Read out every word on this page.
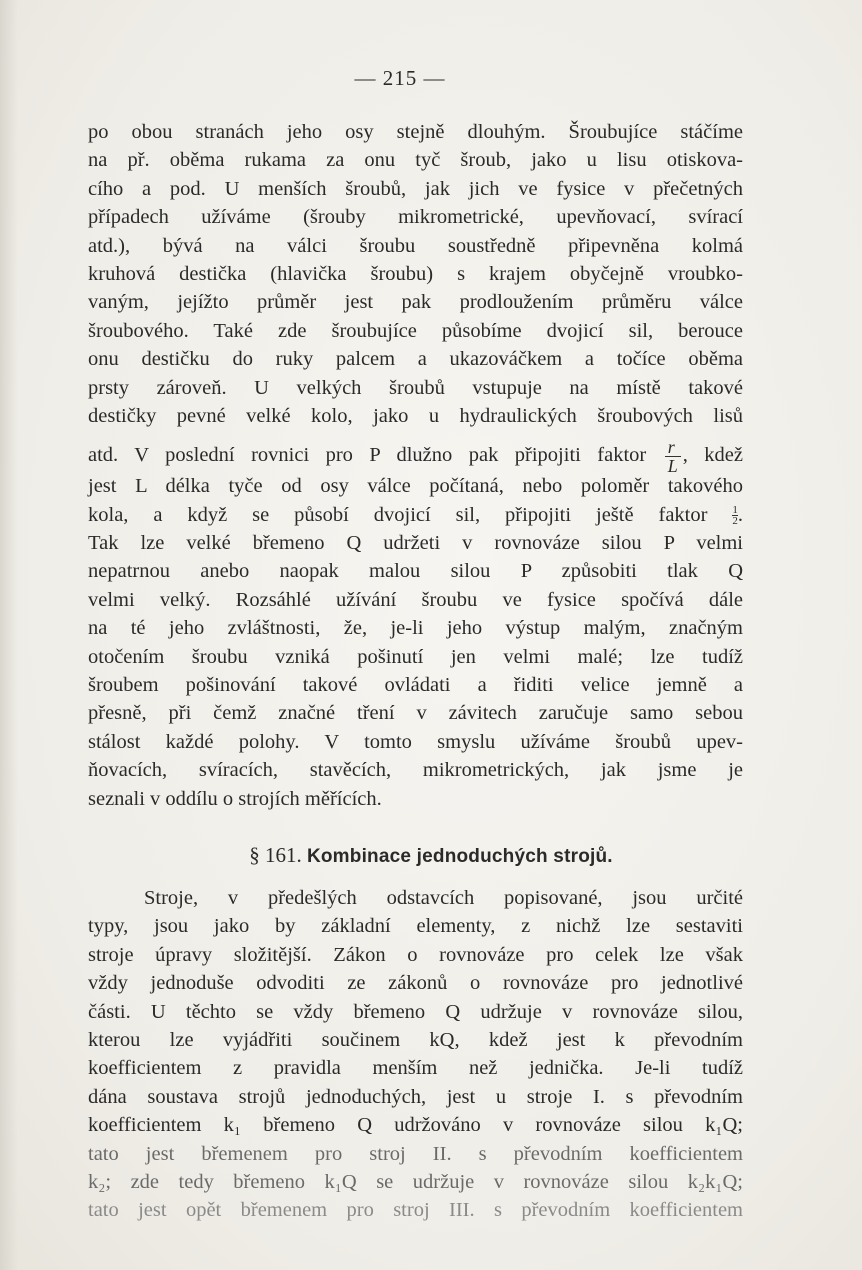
— 215 —
po obou stranách jeho osy stejně dlouhým. Šroubujíce stáčíme
na př. oběma rukama za onu tyč šroub, jako u lisu otiskova-
cího a pod. U menších šroubů, jak jich ve fysice v přečetných
případech užíváme (šrouby mikrometrické, upevňovací, svírací
atd.), bývá na válci šroubu soustředně připevněna kolmá
kruhová destička (hlavička šroubu) s krajem obyčejně vroubko-
vaným, jejížto průměr jest pak prodloužením průměru válce
šroubového. Také zde šroubujíce působíme dvojicí sil, berouce
onu destičku do ruky palcem a ukazováčkem a točíce oběma
prsty zároveň. U velkých šroubů vstupuje na místě takové
destičky pevné velké kolo, jako u hydraulických šroubových lisů
atd. V poslední rovnici pro P dlužno pak připojiti faktor $\frac{r}{L}$ , kdež
jest L délka tyče od osy válce počítaná, nebo poloměr takového
kola, a když se působí dvojicí sil, připojiti ještě faktor $\frac{1}{2}$ .
Tak lze velké břemeno Q udržeti v rovnováze silou P velmi
nepatrnou anebo naopak malou silou P způsobiti tlak Q
velmi velký. Rozsáhlé užívání šroubu ve fysice spočívá dále
na té jeho zvláštnosti, že, je-li jeho výstup malým, značným
otočením šroubu vzniká pošinutí jen velmi malé; lze tudíž
šroubem pošinování takové ovládati a řiditi velice jemně a
přesně, při čemž značné tření v závitech zaručuje samo sebou
stálost každé polohy. V tomto smyslu užíváme šroubů upev-
ňovacích, svíracích, stavěcích, mikrometrických, jak jsme je
seznali v oddílu o strojích měřících.
§ 161. Kombinace jednoduchých strojů.
Stroje, v předešlých odstavcích popisované, jsou určité
typy, jsou jako by základní elementy, z nichž lze sestaviti
stroje úpravy složitější. Zákon o rovnováze pro celek lze však
vždy jednoduše odvoditi ze zákonů o rovnováze pro jednotlivé
části. U těchto se vždy břemeno Q udržuje v rovnováze silou,
kterou lze vyjádřiti součinem kQ, kdež jest k převodním
koefficientem z pravidla menším než jednička. Je-li tudíž
dána soustava strojů jednoduchých, jest u stroje I. s převodním
koefficientem k₁ břemeno Q udržováno v rovnováze silou k₁Q;
tato jest břemenem pro stroj II. s převodním koefficientem
k₂; zde tedy břemeno k₁Q se udržuje v rovnováze silou k₂k₁Q;
tato jest opět břemenem pro stroj III. s převodním koefficientem
